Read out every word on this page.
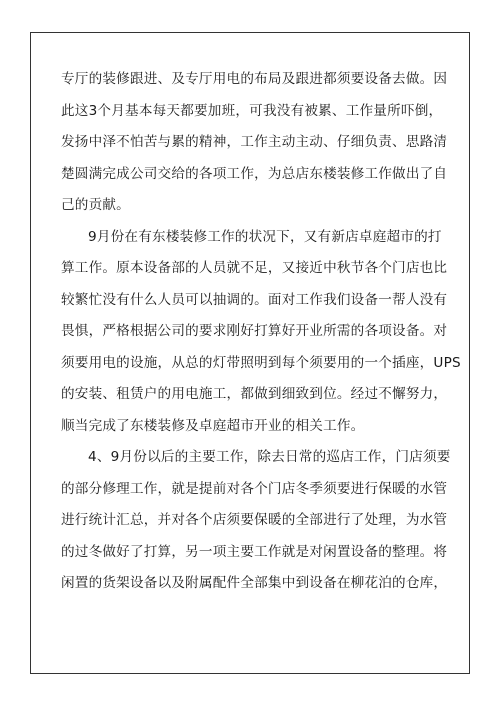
专厅的装修跟进、及专厅用电的布局及跟进都须要设备去做。因
此这3个月基本每天都要加班，可我没有被累、工作量所吓倒，
发扬中泽不怕苦与累的精神，工作主动主动、仔细负责、思路清
楚圆满完成公司交给的各项工作，为总店东楼装修工作做出了自
己的贡献。
9月份在有东楼装修工作的状况下，又有新店卓庭超市的打
算工作。原本设备部的人员就不足，又接近中秋节各个门店也比
较繁忙没有什么人员可以抽调的。面对工作我们设备一帮人没有
畏惧，严格根据公司的要求刚好打算好开业所需的各项设备。对
须要用电的设施，从总的灯带照明到每个须要用的一个插座，UPS
的安装、租赁户的用电施工，都做到细致到位。经过不懈努力，
顺当完成了东楼装修及卓庭超市开业的相关工作。
4、9月份以后的主要工作，除去日常的巡店工作，门店须要
的部分修理工作，就是提前对各个门店冬季须要进行保暖的水管
进行统计汇总，并对各个店须要保暖的全部进行了处理，为水管
的过冬做好了打算，另一项主要工作就是对闲置设备的整理。将
闲置的货架设备以及附属配件全部集中到设备在柳花泊的仓库，
